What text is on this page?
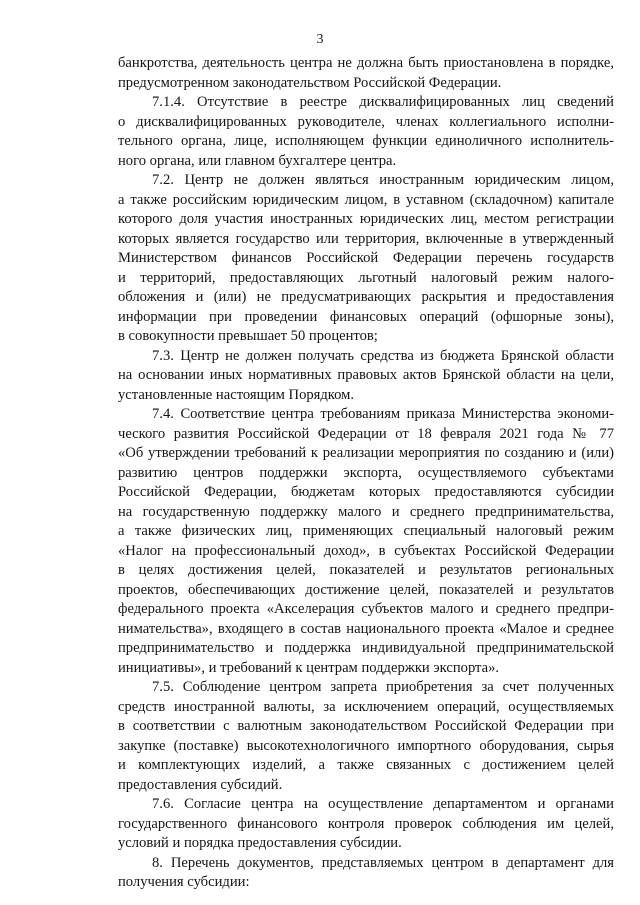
3
банкротства, деятельность центра не должна быть приостановлена в порядке,
предусмотренном законодательством Российской Федерации.
7.1.4. Отсутствие в реестре дисквалифицированных лиц сведений
о дисквалифицированных руководителе, членах коллегиального исполни-
тельного органа, лице, исполняющем функции единоличного исполнитель-
ного органа, или главном бухгалтере центра.
7.2. Центр не должен являться иностранным юридическим лицом,
а также российским юридическим лицом, в уставном (складочном) капитале
которого доля участия иностранных юридических лиц, местом регистрации
которых является государство или территория, включенные в утвержденный
Министерством финансов Российской Федерации перечень государств
и территорий, предоставляющих льготный налоговый режим налого-
обложения и (или) не предусматривающих раскрытия и предоставления
информации при проведении финансовых операций (офшорные зоны),
в совокупности превышает 50 процентов;
7.3. Центр не должен получать средства из бюджета Брянской области
на основании иных нормативных правовых актов Брянской области на цели,
установленные настоящим Порядком.
7.4. Соответствие центра требованиям приказа Министерства экономи-
ческого развития Российской Федерации от 18 февраля 2021 года № 77
«Об утверждении требований к реализации мероприятия по созданию и (или)
развитию центров поддержки экспорта, осуществляемого субъектами
Российской Федерации, бюджетам которых предоставляются субсидии
на государственную поддержку малого и среднего предпринимательства,
а также физических лиц, применяющих специальный налоговый режим
«Налог на профессиональный доход», в субъектах Российской Федерации
в целях достижения целей, показателей и результатов региональных
проектов, обеспечивающих достижение целей, показателей и результатов
федерального проекта «Акселерация субъектов малого и среднего предпри-
нимательства», входящего в состав национального проекта «Малое и среднее
предпринимательство и поддержка индивидуальной предпринимательской
инициативы», и требований к центрам поддержки экспорта».
7.5. Соблюдение центром запрета приобретения за счет полученных
средств иностранной валюты, за исключением операций, осуществляемых
в соответствии с валютным законодательством Российской Федерации при
закупке (поставке) высокотехнологичного импортного оборудования, сырья
и комплектующих изделий, а также связанных с достижением целей
предоставления субсидий.
7.6. Согласие центра на осуществление департаментом и органами
государственного финансового контроля проверок соблюдения им целей,
условий и порядка предоставления субсидии.
8. Перечень документов, представляемых центром в департамент для
получения субсидии:
